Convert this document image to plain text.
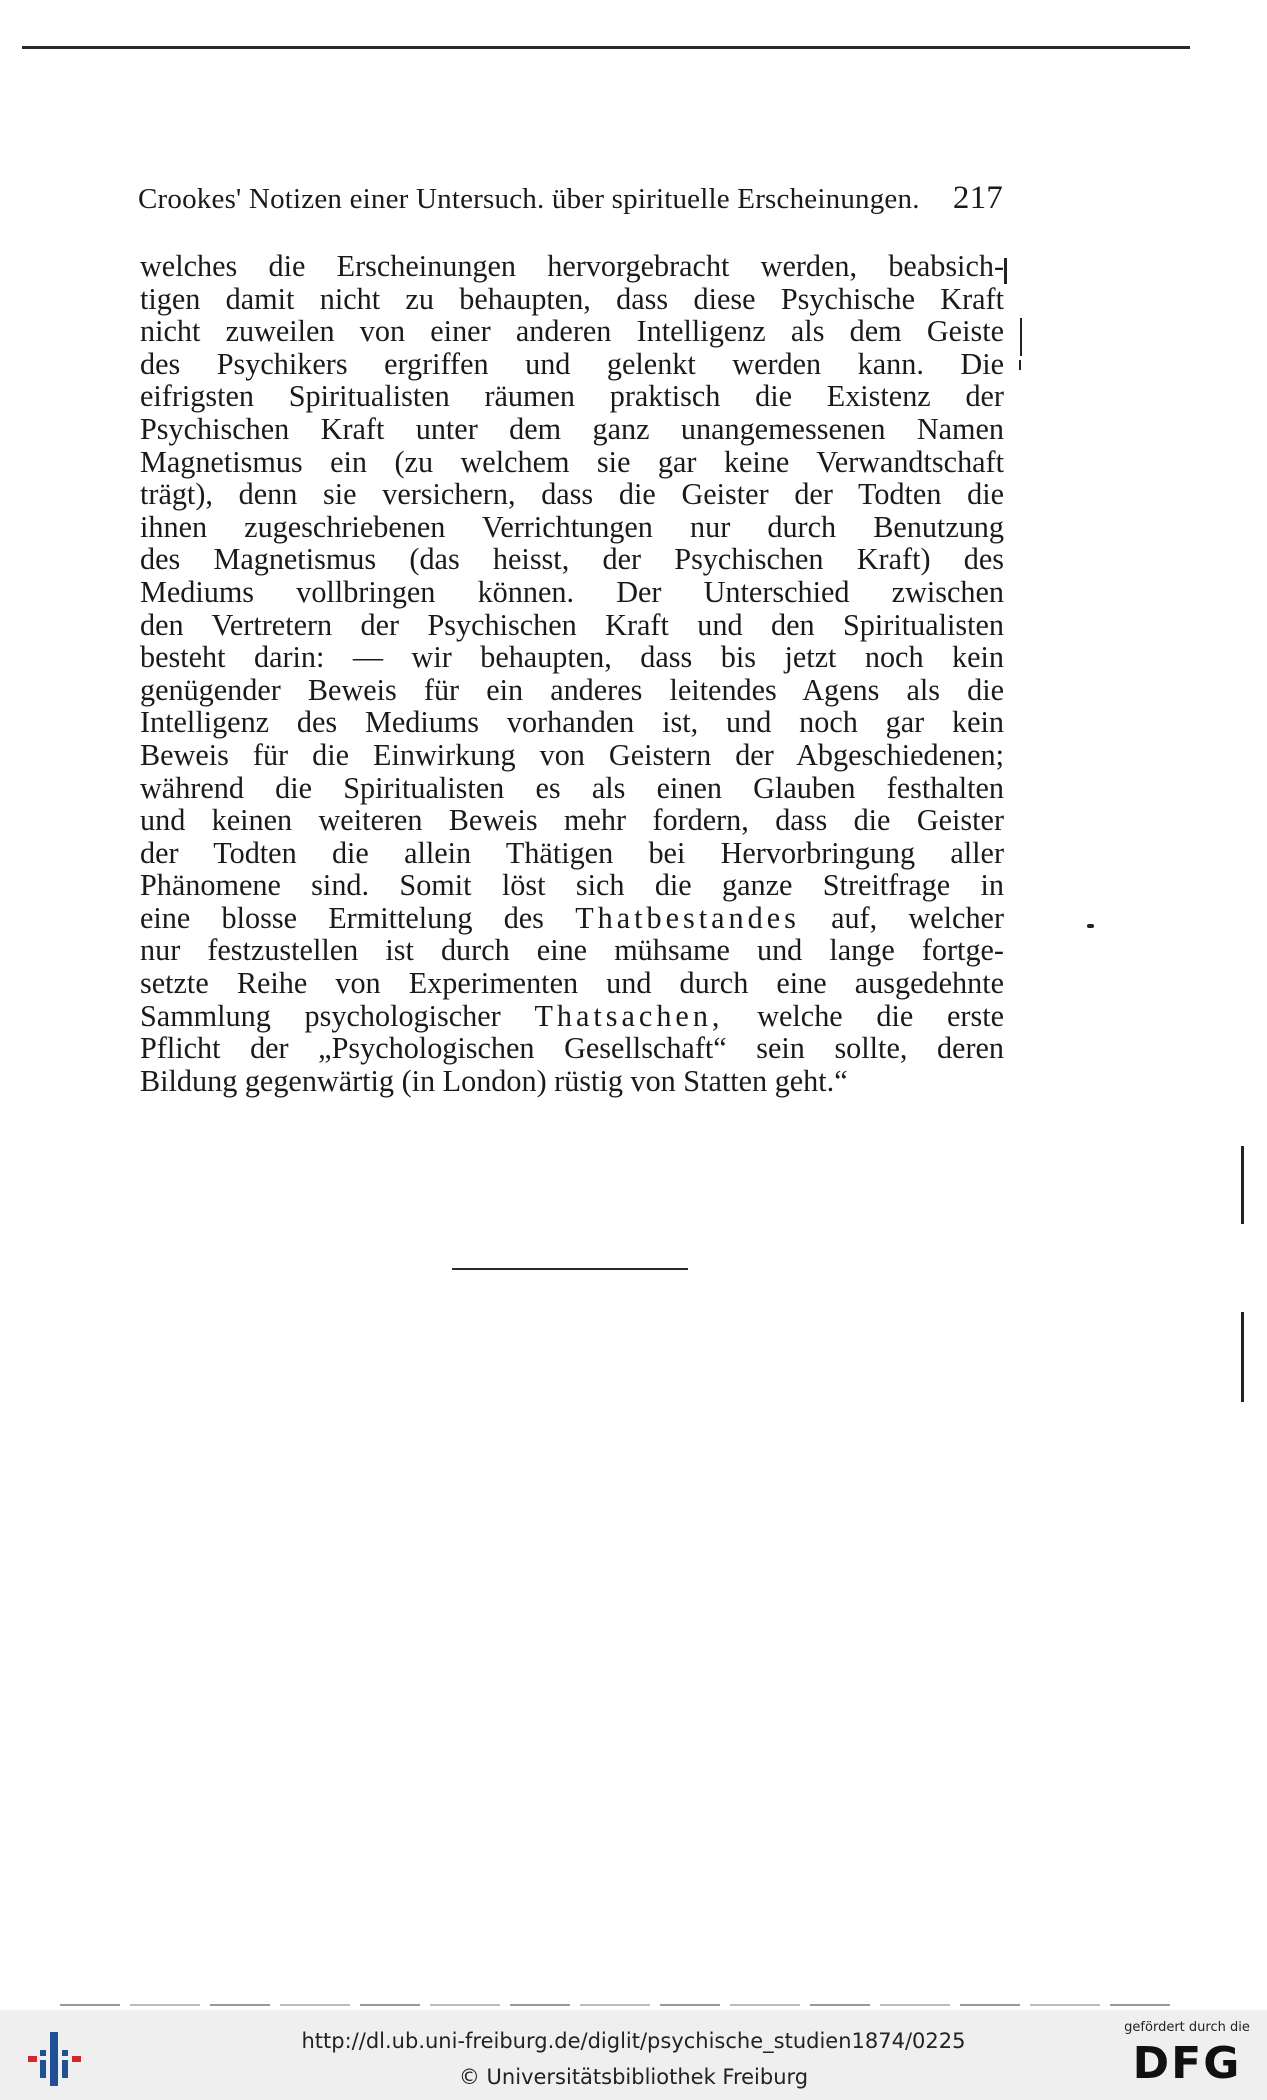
Crookes' Notizen einer Untersuch. über spirituelle Erscheinungen. 217
welches die Erscheinungen hervorgebracht werden, beabsich-
tigen damit nicht zu behaupten, dass diese Psychische Kraft
nicht zuweilen von einer anderen Intelligenz als dem Geiste
des Psychikers ergriffen und gelenkt werden kann. Die
eifrigsten Spiritualisten räumen praktisch die Existenz der
Psychischen Kraft unter dem ganz unangemessenen Namen
Magnetismus ein (zu welchem sie gar keine Verwandtschaft
trägt), denn sie versichern, dass die Geister der Todten die
ihnen zugeschriebenen Verrichtungen nur durch Benutzung
des Magnetismus (das heisst, der Psychischen Kraft) des
Mediums vollbringen können. Der Unterschied zwischen
den Vertretern der Psychischen Kraft und den Spiritualisten
besteht darin: — wir behaupten, dass bis jetzt noch kein
genügender Beweis für ein anderes leitendes Agens als die
Intelligenz des Mediums vorhanden ist, und noch gar kein
Beweis für die Einwirkung von Geistern der Abgeschiedenen;
während die Spiritualisten es als einen Glauben festhalten
und keinen weiteren Beweis mehr fordern, dass die Geister
der Todten die allein Thätigen bei Hervorbringung aller
Phänomene sind. Somit löst sich die ganze Streitfrage in
eine blosse Ermittelung des Thatbestandes auf, welcher
nur festzustellen ist durch eine mühsame und lange fortge-
setzte Reihe von Experimenten und durch eine ausgedehnte
Sammlung psychologischer Thatsachen, welche die erste
Pflicht der „Psychologischen Gesellschaft“ sein sollte, deren
Bildung gegenwärtig (in London) rüstig von Statten geht.“
http://dl.ub.uni-freiburg.de/diglit/psychische_studien1874/0225
© Universitätsbibliothek Freiburg
gefördert durch die
DFG
